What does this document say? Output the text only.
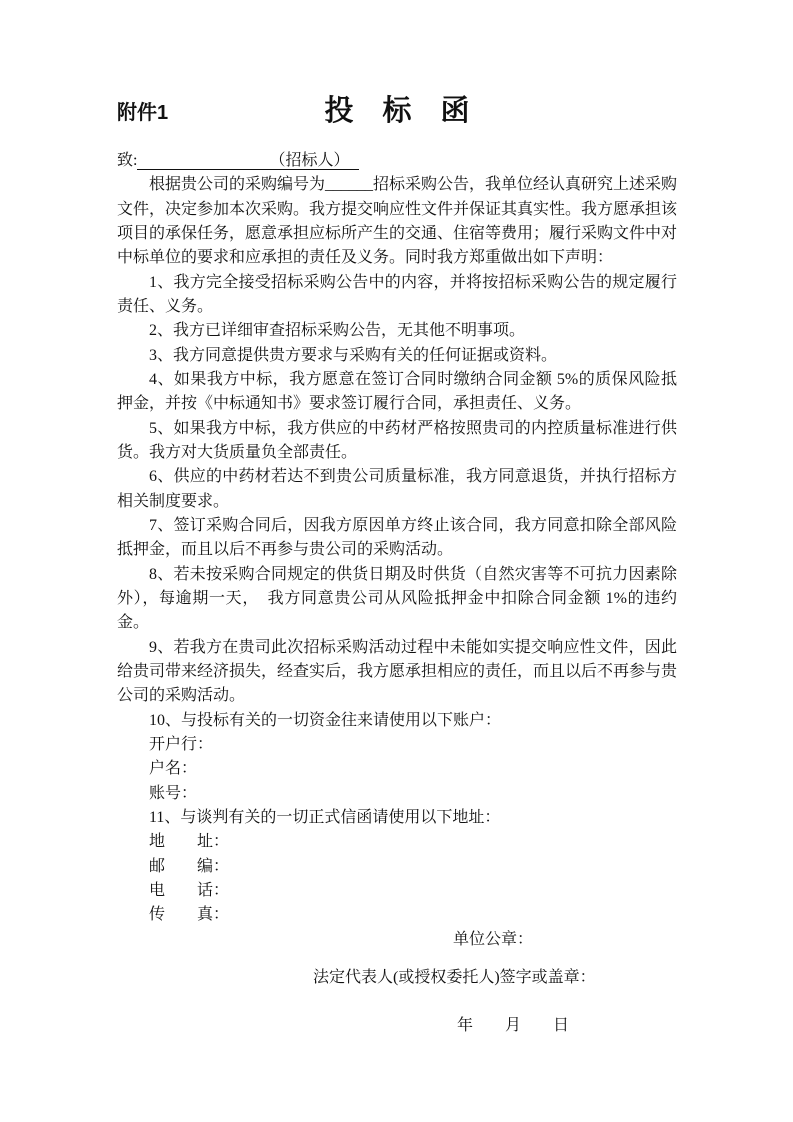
附件1	投　标　函
致:	（招标人）

根据贵公司的采购编号为______招标采购公告，我单位经认真研究上述采购文件，决定参加本次采购。我方提交响应性文件并保证其真实性。我方愿承担该项目的承保任务，愿意承担应标所产生的交通、住宿等费用；履行采购文件中对中标单位的要求和应承担的责任及义务。同时我方郑重做出如下声明：

1、我方完全接受招标采购公告中的内容，并将按招标采购公告的规定履行责任、义务。

2、我方已详细审查招标采购公告，无其他不明事项。

3、我方同意提供贵方要求与采购有关的任何证据或资料。

4、如果我方中标，我方愿意在签订合同时缴纳合同金额 5%的质保风险抵押金，并按《中标通知书》要求签订履行合同，承担责任、义务。

5、如果我方中标，我方供应的中药材严格按照贵司的内控质量标准进行供货。我方对大货质量负全部责任。

6、供应的中药材若达不到贵公司质量标准，我方同意退货，并执行招标方相关制度要求。

7、签订采购合同后，因我方原因单方终止该合同，我方同意扣除全部风险抵押金，而且以后不再参与贵公司的采购活动。

8、若未按采购合同规定的供货日期及时供货（自然灾害等不可抗力因素除外），每逾期一天，　我方同意贵公司从风险抵押金中扣除合同金额 1%的违约金。

9、若我方在贵司此次招标采购活动过程中未能如实提交响应性文件，因此给贵司带来经济损失，经查实后，我方愿承担相应的责任，而且以后不再参与贵公司的采购活动。

10、与投标有关的一切资金往来请使用以下账户：

开户行：

户名：

账号：

11、与谈判有关的一切正式信函请使用以下地址：

地　　址：

邮　　编：

电　　话：

传　　真：

单位公章：

法定代表人(或授权委托人)签字或盖章：

年　　月　　日
